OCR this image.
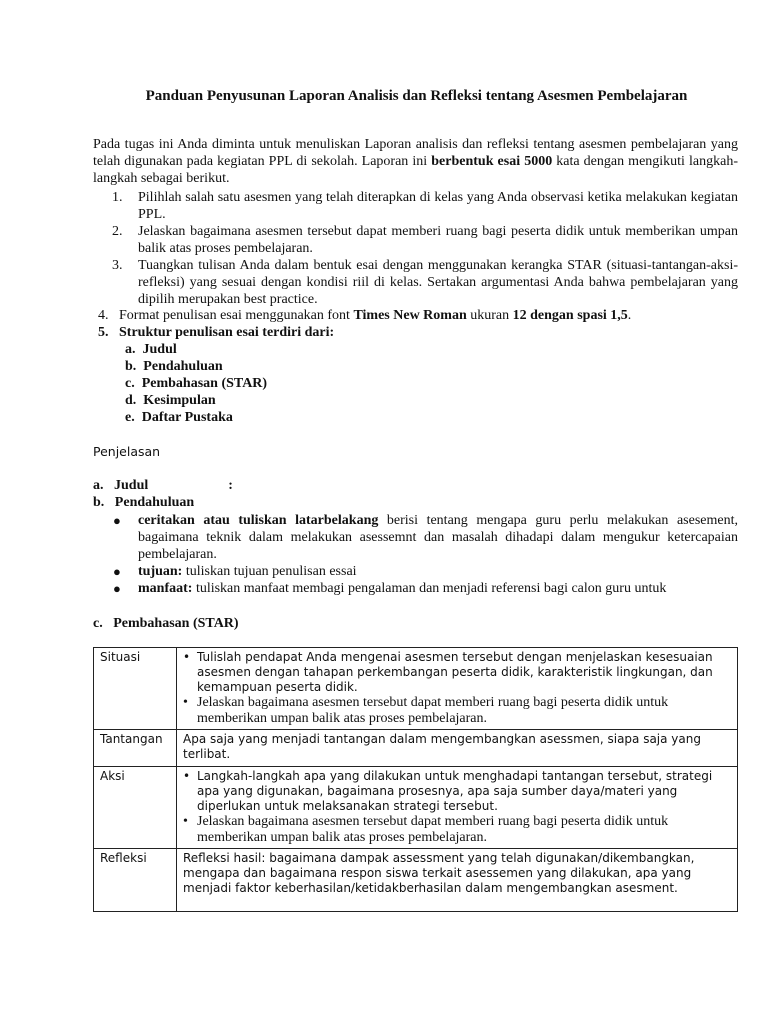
Panduan Penyusunan Laporan Analisis dan Refleksi tentang Asesmen Pembelajaran
Pada tugas ini Anda diminta untuk menuliskan Laporan analisis dan refleksi tentang asesmen pembelajaran yang telah digunakan pada kegiatan PPL di sekolah. Laporan ini berbentuk esai 5000 kata dengan mengikuti langkah-langkah sebagai berikut.
1. Pilihlah salah satu asesmen yang telah diterapkan di kelas yang Anda observasi ketika melakukan kegiatan PPL.
2. Jelaskan bagaimana asesmen tersebut dapat memberi ruang bagi peserta didik untuk memberikan umpan balik atas proses pembelajaran.
3. Tuangkan tulisan Anda dalam bentuk esai dengan menggunakan kerangka STAR (situasi-tantangan-aksi-refleksi) yang sesuai dengan kondisi riil di kelas. Sertakan argumentasi Anda bahwa pembelajaran yang dipilih merupakan best practice.
4. Format penulisan esai menggunakan font Times New Roman ukuran 12 dengan spasi 1,5.
5. Struktur penulisan esai terdiri dari:
a. Judul
b. Pendahuluan
c. Pembahasan (STAR)
d. Kesimpulan
e. Daftar Pustaka
Penjelasan
a. Judul	:
b. Pendahuluan
● ceritakan atau tuliskan latarbelakang berisi tentang mengapa guru perlu melakukan asesement, bagaimana teknik dalam melakukan asessemnt dan masalah dihadapi dalam mengukur ketercapaian pembelajaran.
● tujuan: tuliskan tujuan penulisan essai
● manfaat: tuliskan manfaat membagi pengalaman dan menjadi referensi bagi calon guru untuk
c. Pembahasan (STAR)
Situasi	• Tulislah pendapat Anda mengenai asesmen tersebut dengan menjelaskan kesesuaian asesmen dengan tahapan perkembangan peserta didik, karakteristik lingkungan, dan kemampuan peserta didik.
• Jelaskan bagaimana asesmen tersebut dapat memberi ruang bagi peserta didik untuk memberikan umpan balik atas proses pembelajaran.

Tantangan	Apa saja yang menjadi tantangan dalam mengembangkan asessmen, siapa saja yang terlibat.
Aksi	• Langkah-langkah apa yang dilakukan untuk menghadapi tantangan tersebut, strategi apa yang digunakan, bagaimana prosesnya, apa saja sumber daya/materi yang diperlukan untuk melaksanakan strategi tersebut.
• Jelaskan bagaimana asesmen tersebut dapat memberi ruang bagi peserta didik untuk memberikan umpan balik atas proses pembelajaran.

Refleksi	Refleksi hasil: bagaimana dampak assessment yang telah digunakan/dikembangkan, mengapa dan bagaimana respon siswa terkait asessemen yang dilakukan, apa yang menjadi faktor keberhasilan/ketidakberhasilan dalam mengembangkan asesment.
